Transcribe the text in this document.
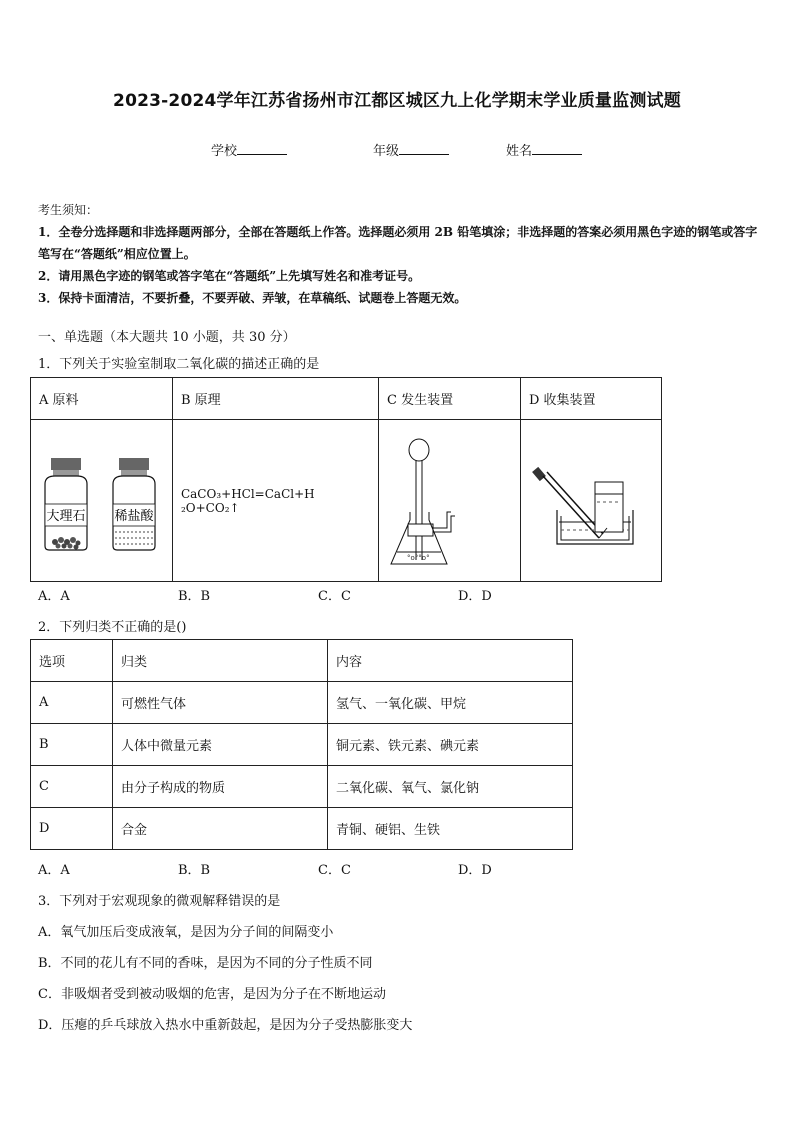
2023-2024学年江苏省扬州市江都区城区九上化学期末学业质量监测试题
学校	年级	姓名
考生须知：
1．全卷分选择题和非选择题两部分，全部在答题纸上作答。选择题必须用 2B 铅笔填涂；非选择题的答案必须用黑色字迹的钢笔或答字笔写在“答题纸”相应位置上。
2．请用黑色字迹的钢笔或答字笔在“答题纸”上先填写姓名和准考证号。
3．保持卡面清洁，不要折叠，不要弄破、弄皱，在草稿纸、试题卷上答题无效。
一、单选题（本大题共 10 小题，共 30 分）
1．下列关于实验室制取二氧化碳的描述正确的是
A 原料	B 原理	C 发生装置	D 收集装置

大理石 稀盐酸	CaCO₃+HCl=CaCl+H ₂O+CO₂↑	°o°°o°

A．A	B．B	C．C	D．D
2．下列归类不正确的是()
选项	归类	内容
A	可燃性气体	氢气、一氧化碳、甲烷
B	人体中微量元素	铜元素、铁元素、碘元素
C	由分子构成的物质	二氧化碳、氧气、氯化钠
D	合金	青铜、硬铝、生铁
A．A	B．B	C．C	D．D
3．下列对于宏观现象的微观解释错误的是
A．氧气加压后变成液氧，是因为分子间的间隔变小
B．不同的花儿有不同的香味，是因为不同的分子性质不同
C．非吸烟者受到被动吸烟的危害，是因为分子在不断地运动
D．压瘪的乒乓球放入热水中重新鼓起，是因为分子受热膨胀变大
